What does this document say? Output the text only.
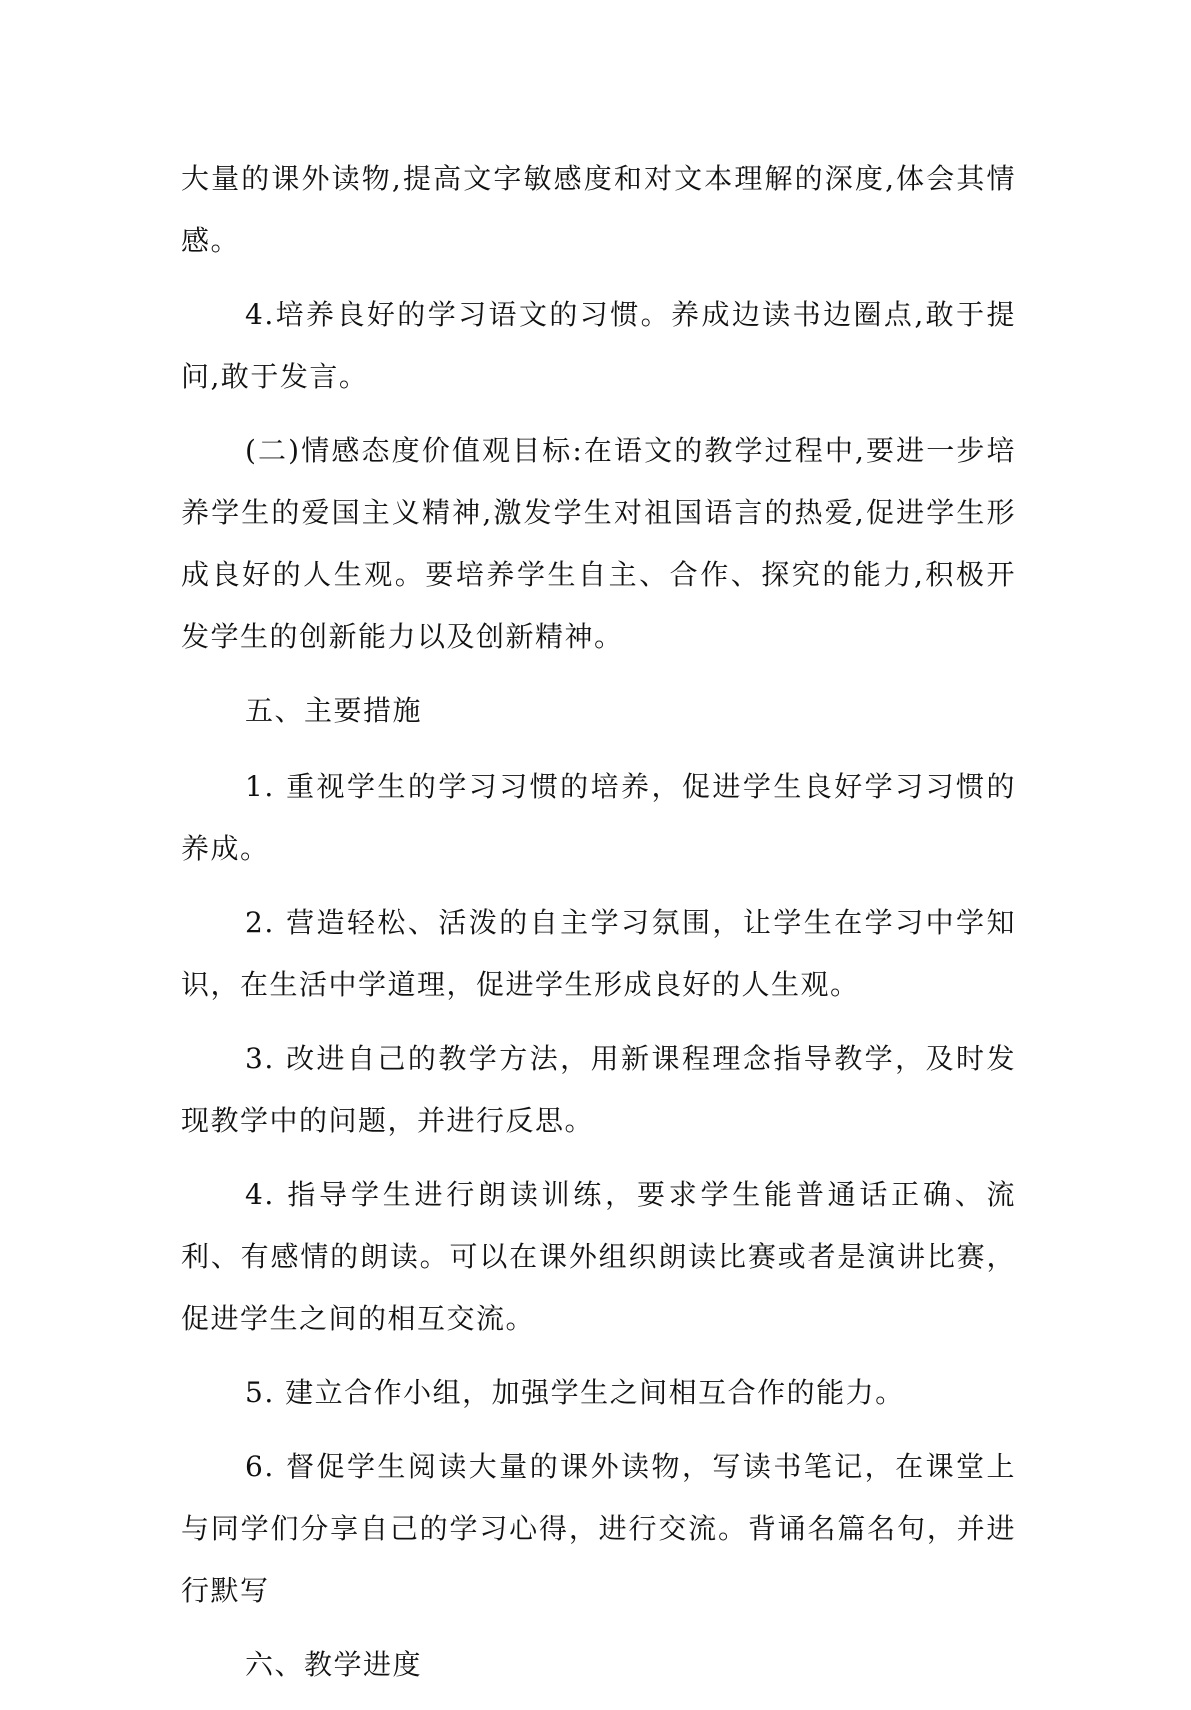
大量的课外读物,提高文字敏感度和对文本理解的深度,体会其情感。

4.培养良好的学习语文的习惯。养成边读书边圈点,敢于提问,敢于发言。

(二)情感态度价值观目标:在语文的教学过程中,要进一步培养学生的爱国主义精神,激发学生对祖国语言的热爱,促进学生形成良好的人生观。要培养学生自主、合作、探究的能力,积极开发学生的创新能力以及创新精神。

五、主要措施

1. 重视学生的学习习惯的培养，促进学生良好学习习惯的养成。

2. 营造轻松、活泼的自主学习氛围，让学生在学习中学知识，在生活中学道理，促进学生形成良好的人生观。

3. 改进自己的教学方法，用新课程理念指导教学，及时发现教学中的问题，并进行反思。

4. 指导学生进行朗读训练，要求学生能普通话正确、流利、有感情的朗读。可以在课外组织朗读比赛或者是演讲比赛，促进学生之间的相互交流。

5. 建立合作小组，加强学生之间相互合作的能力。

6. 督促学生阅读大量的课外读物，写读书笔记，在课堂上与同学们分享自己的学习心得，进行交流。背诵名篇名句，并进行默写

六、教学进度
